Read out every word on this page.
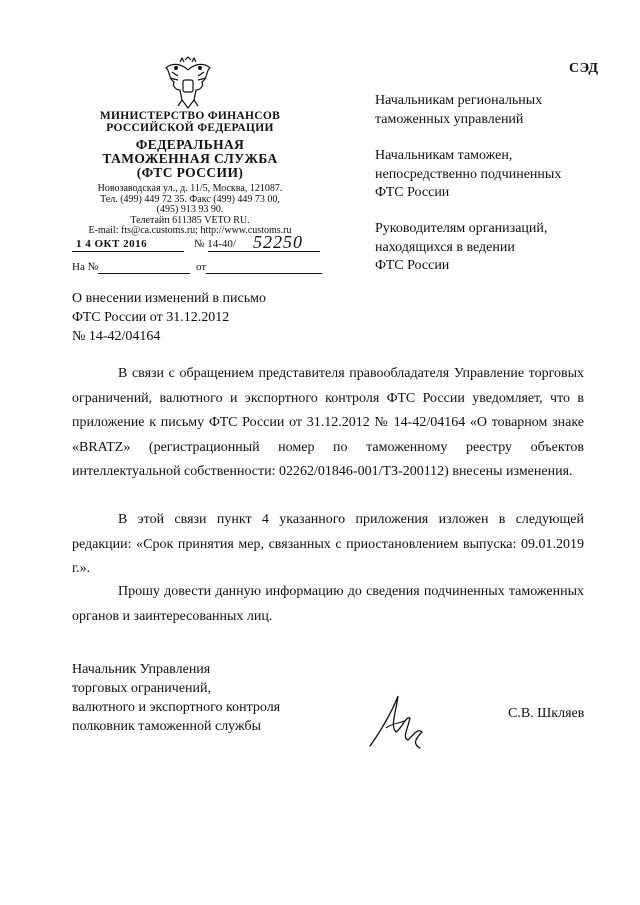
МИНИСТЕРСТВО ФИНАНСОВ
РОССИЙСКОЙ ФЕДЕРАЦИИ
ФЕДЕРАЛЬНАЯ
ТАМОЖЕННАЯ СЛУЖБА
(ФТС РОССИИ)
Новозаводская ул., д. 11/5, Москва, 121087.
Тел. (499) 449 72 35. Факс (499) 449 73 00,
(495) 913 93 90.
Телетайп 611385 VETO RU.
E-mail: fts@ca.customs.ru; http://www.customs.ru
1 4 ОКТ 2016	№ 14-40/ 52250
На №	от
О внесении изменений в письмо
ФТС России от 31.12.2012
№ 14-42/04164
СЭД
Начальникам региональных
таможенных управлений
Начальникам таможен,
непосредственно подчиненных
ФТС России
Руководителям организаций,
находящихся в ведении
ФТС России

В связи с обращением представителя правообладателя Управление торговых ограничений, валютного и экспортного контроля ФТС России уведомляет, что в приложение к письму ФТС России от 31.12.2012 № 14-42/04164 «О товарном знаке «BRATZ» (регистрационный номер по таможенному реестру объектов интеллектуальной собственности: 02262/01846-001/ТЗ-200112) внесены изменения.

В этой связи пункт 4 указанного приложения изложен в следующей редакции: «Срок принятия мер, связанных с приостановлением выпуска: 09.01.2019 г.».

Прошу довести данную информацию до сведения подчиненных таможенных органов и заинтересованных лиц.

Начальник Управления
торговых ограничений,
валютного и экспортного контроля
полковник таможенной службы
С.В. Шкляев
